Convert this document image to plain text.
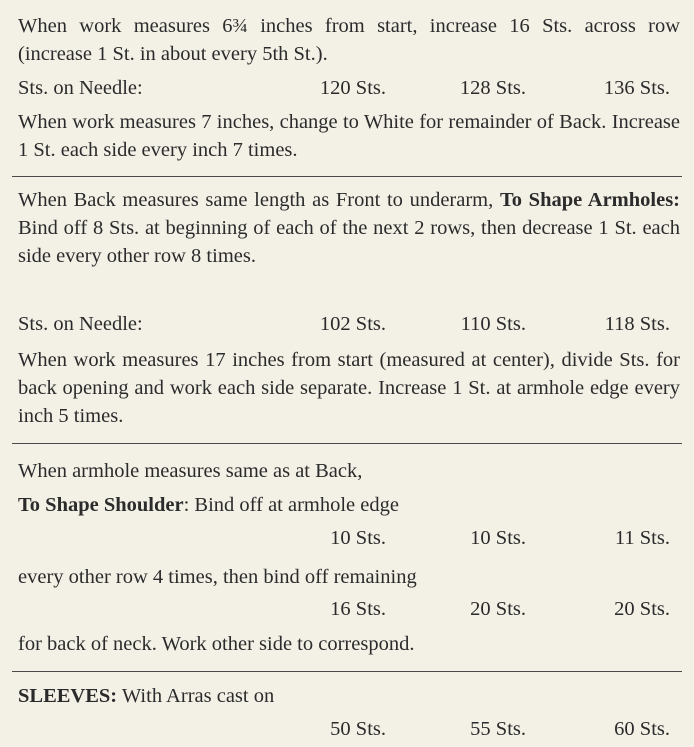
When work measures 6¾ inches from start, increase 16 Sts. across row (increase 1 St. in about every 5th St.).

Sts. on Needle:	120 Sts.	128 Sts.	136 Sts.

When work measures 7 inches, change to White for remainder of Back. Increase 1 St. each side every inch 7 times.

When Back measures same length as Front to underarm, To Shape Armholes: Bind off 8 Sts. at beginning of each of the next 2 rows, then decrease 1 St. each side every other row 8 times.

Sts. on Needle:	102 Sts.	110 Sts.	118 Sts.

When work measures 17 inches from start (measured at center), divide Sts. for back opening and work each side separate. Increase 1 St. at armhole edge every inch 5 times.

When armhole measures same as at Back,

To Shape Shoulder: Bind off at armhole edge

10 Sts.	10 Sts.	11 Sts.

every other row 4 times, then bind off remaining

16 Sts.	20 Sts.	20 Sts.

for back of neck. Work other side to correspond.

SLEEVES: With Arras cast on

50 Sts.	55 Sts.	60 Sts.
